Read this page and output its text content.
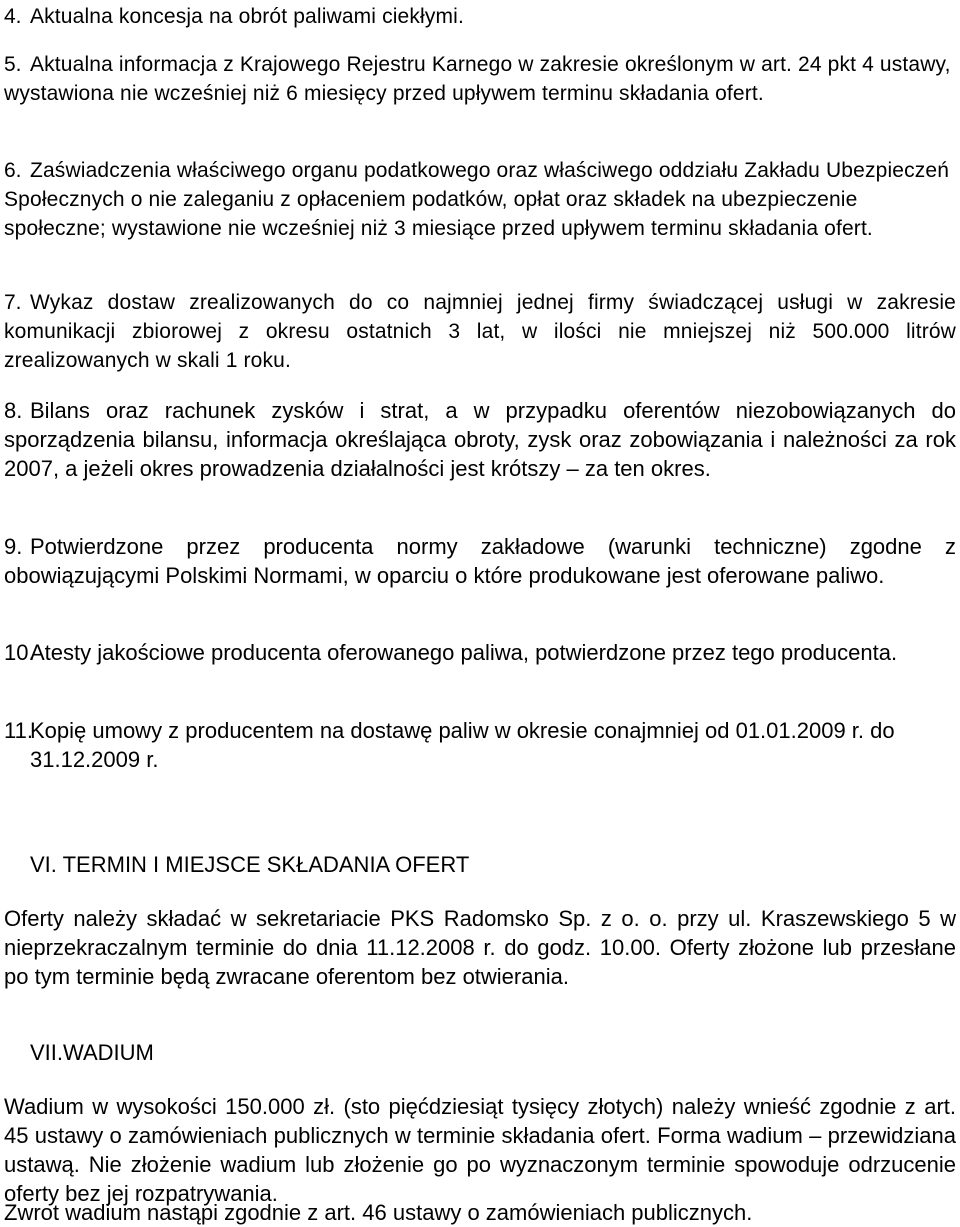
4. Aktualna koncesja na obrót paliwami ciekłymi.

5. Aktualna informacja z Krajowego Rejestru Karnego w zakresie określonym w art. 24 pkt 4 ustawy, wystawiona nie wcześniej niż 6 miesięcy przed upływem terminu składania ofert.

6. Zaświadczenia właściwego organu podatkowego oraz właściwego oddziału Zakładu Ubezpieczeń Społecznych o nie zaleganiu z opłaceniem podatków, opłat oraz składek na ubezpieczenie społeczne; wystawione nie wcześniej niż 3 miesiące przed upływem terminu składania ofert.

7. Wykaz dostaw zrealizowanych do co najmniej jednej firmy świadczącej usługi w zakresie komunikacji zbiorowej z okresu ostatnich 3 lat, w ilości nie mniejszej niż 500.000 litrów zrealizowanych w skali 1 roku.

8. Bilans oraz rachunek zysków i strat, a w przypadku oferentów niezobowiązanych do sporządzenia bilansu, informacja określająca obroty, zysk oraz zobowiązania i należności za rok 2007, a jeżeli okres prowadzenia działalności jest krótszy – za ten okres.

9. Potwierdzone przez producenta normy zakładowe (warunki techniczne) zgodne z obowiązującymi Polskimi Normami, w oparciu o które produkowane jest oferowane paliwo.

10.

Atesty jakościowe producenta oferowanego paliwa, potwierdzone przez tego producenta.

11.

Kopię umowy z producentem na dostawę paliw w okresie conajmniej od 01.01.2009 r. do 31.12.2009 r.

VI. TERMIN I MIEJSCE SKŁADANIA OFERT

Oferty należy składać w sekretariacie PKS Radomsko Sp. z o. o. przy ul. Kraszewskiego 5 w nieprzekraczalnym terminie do dnia 11.12.2008 r. do godz. 10.00. Oferty złożone lub przesłane po tym terminie będą zwracane oferentom bez otwierania.

VII.WADIUM

Wadium w wysokości 150.000 zł. (sto pięćdziesiąt tysięcy złotych) należy wnieść zgodnie z art. 45 ustawy o zamówieniach publicznych w terminie składania ofert. Forma wadium – przewidziana ustawą. Nie złożenie wadium lub złożenie go po wyznaczonym terminie spowoduje odrzucenie oferty bez jej rozpatrywania.

Zwrot wadium nastąpi zgodnie z art. 46 ustawy o zamówieniach publicznych.
